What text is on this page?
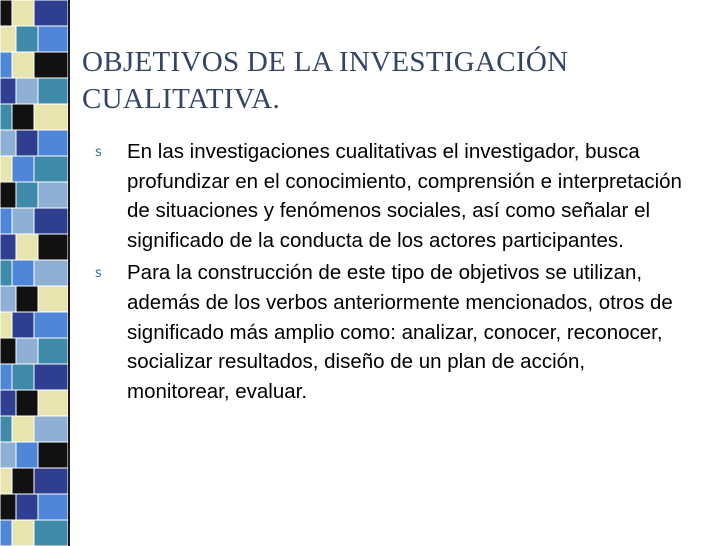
OBJETIVOS DE LA INVESTIGACIÓN CUALITATIVA.
s En las investigaciones cualitativas el investigador, busca profundizar en el conocimiento, comprensión e interpretación de situaciones y fenómenos sociales, así como señalar el significado de la conducta de los actores participantes.
s Para la construcción de este tipo de objetivos se utilizan, además de los verbos anteriormente mencionados, otros de significado más amplio como: analizar, conocer, reconocer, socializar resultados, diseño de un plan de acción, monitorear, evaluar.
